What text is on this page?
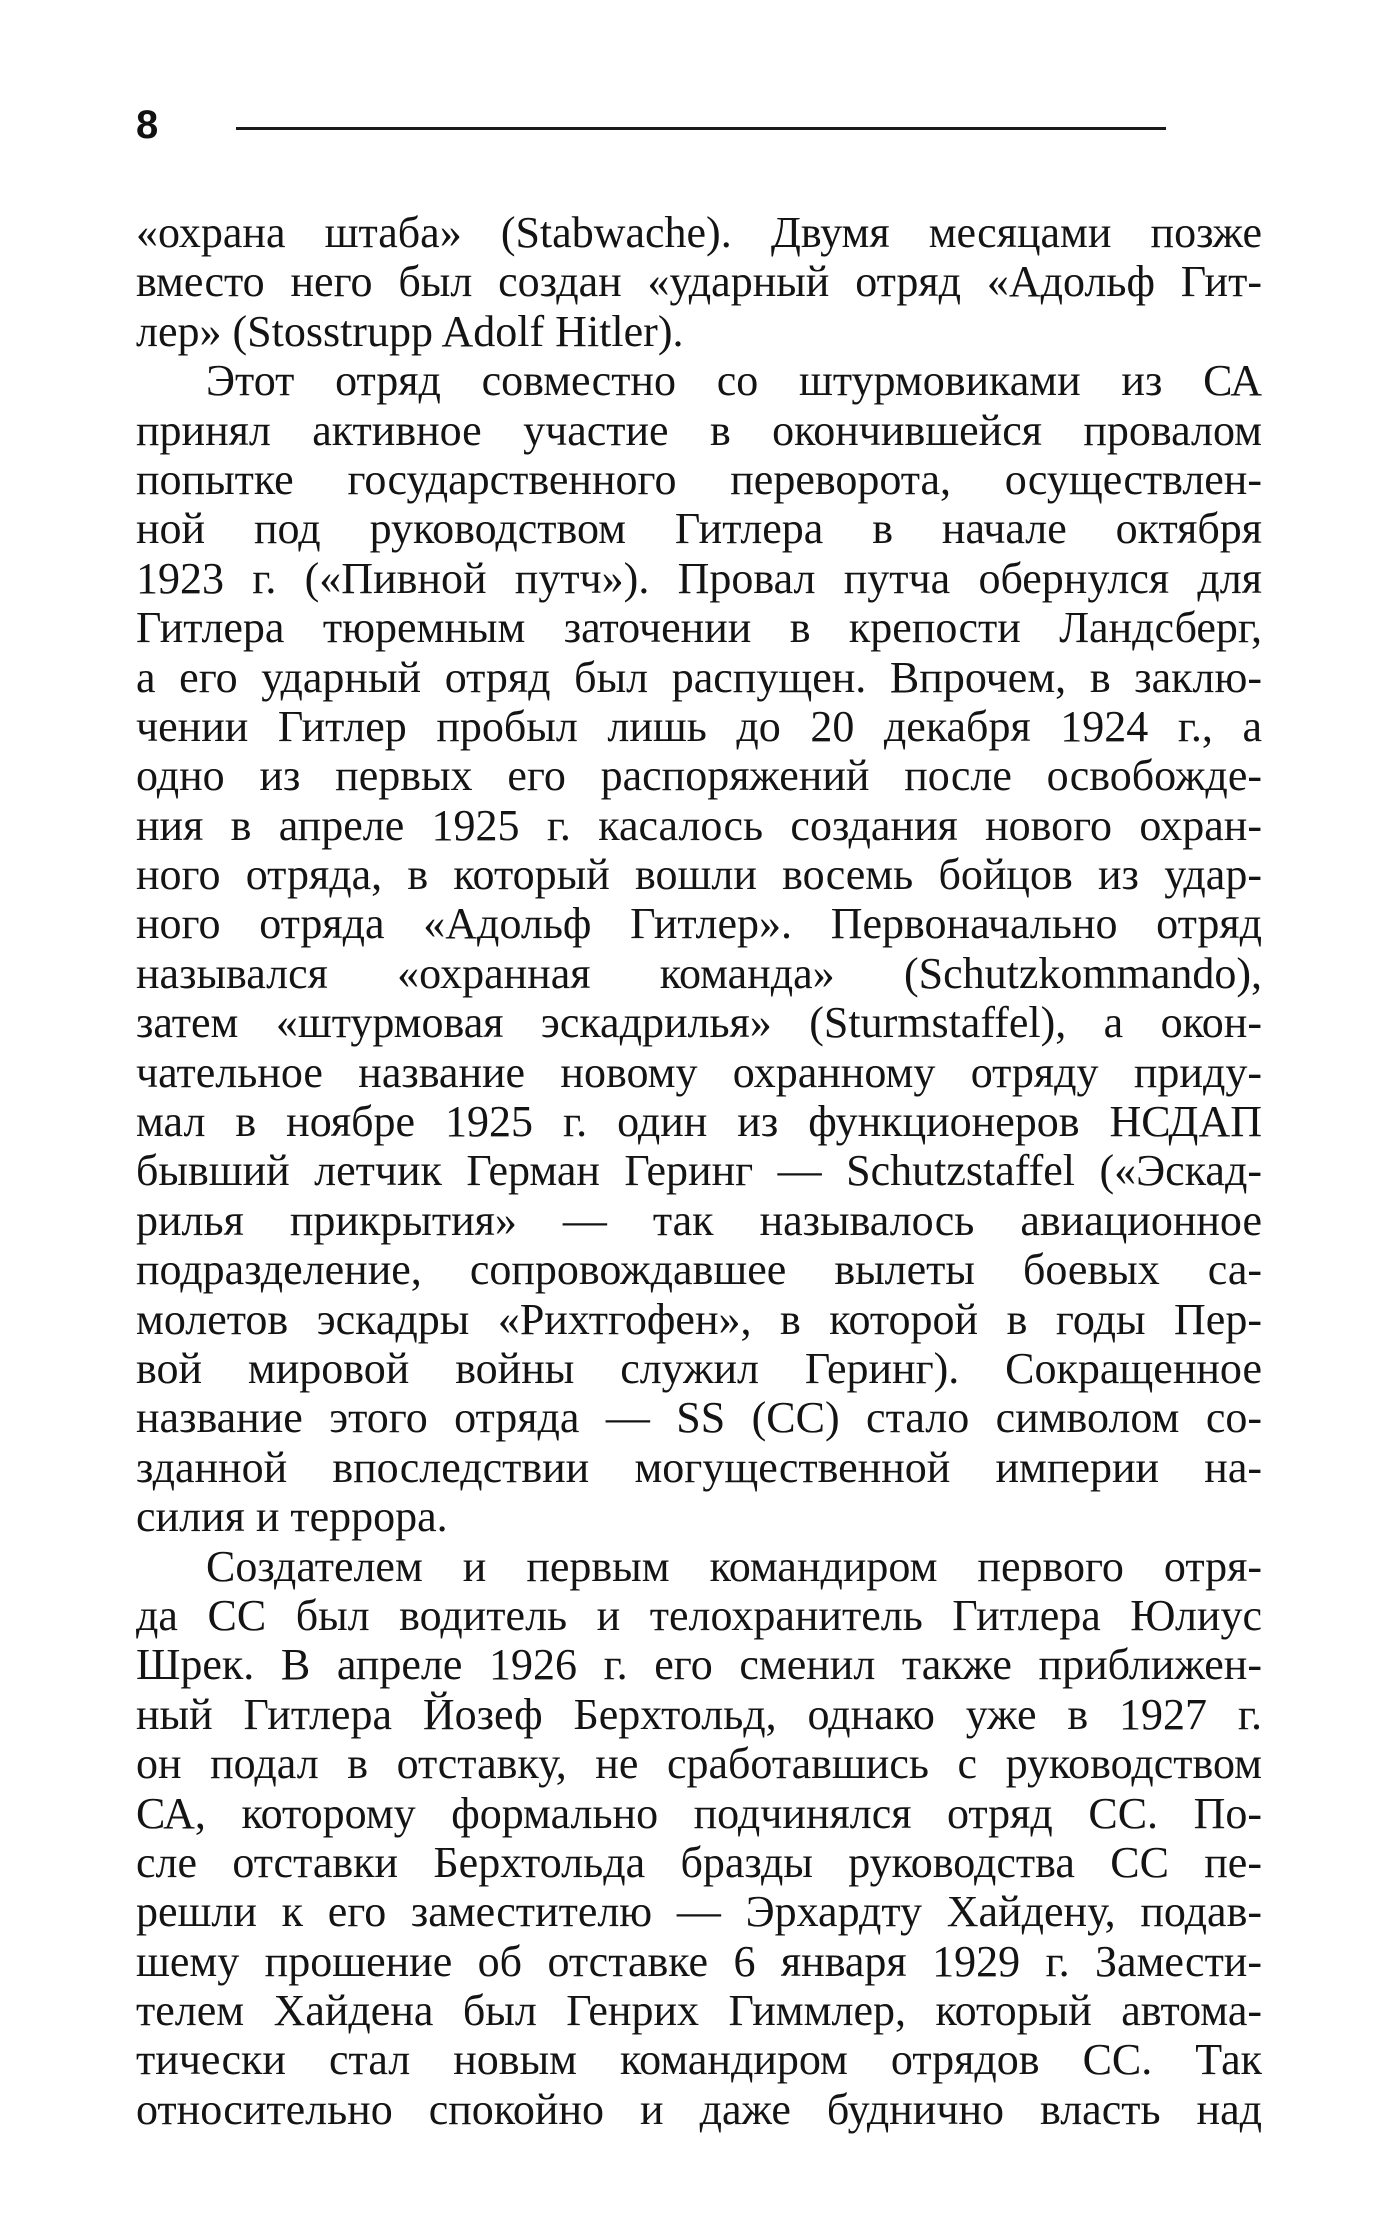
8
«охрана штаба» (Stabwache). Двумя месяцами позже
вместо него был создан «ударный отряд «Адольф Гит-
лер» (Stosstrupp Adolf Hitler).
Этот отряд совместно со штурмовиками из СА
принял активное участие в окончившейся провалом
попытке государственного переворота, осуществлен-
ной под руководством Гитлера в начале октября
1923 г. («Пивной путч»). Провал путча обернулся для
Гитлера тюремным заточении в крепости Ландсберг,
а его ударный отряд был распущен. Впрочем, в заклю-
чении Гитлер пробыл лишь до 20 декабря 1924 г., а
одно из первых его распоряжений после освобожде-
ния в апреле 1925 г. касалось создания нового охран-
ного отряда, в который вошли восемь бойцов из удар-
ного отряда «Адольф Гитлер». Первоначально отряд
назывался «охранная команда» (Schutzkommando),
затем «штурмовая эскадрилья» (Sturmstaffel), а окон-
чательное название новому охранному отряду приду-
мал в ноябре 1925 г. один из функционеров НСДАП
бывший летчик Герман Геринг — Schutzstaffel («Эскад-
рилья прикрытия» — так называлось авиационное
подразделение, сопровождавшее вылеты боевых са-
молетов эскадры «Рихтгофен», в которой в годы Пер-
вой мировой войны служил Геринг). Сокращенное
название этого отряда — SS (СС) стало символом со-
зданной впоследствии могущественной империи на-
силия и террора.
Создателем и первым командиром первого отря-
да СС был водитель и телохранитель Гитлера Юлиус
Шрек. В апреле 1926 г. его сменил также приближен-
ный Гитлера Йозеф Берхтольд, однако уже в 1927 г.
он подал в отставку, не сработавшись с руководством
СА, которому формально подчинялся отряд СС. По-
сле отставки Берхтольда бразды руководства СС пе-
решли к его заместителю — Эрхардту Хайдену, подав-
шему прошение об отставке 6 января 1929 г. Замести-
телем Хайдена был Генрих Гиммлер, который автома-
тически стал новым командиром отрядов СС. Так
относительно спокойно и даже буднично власть над
